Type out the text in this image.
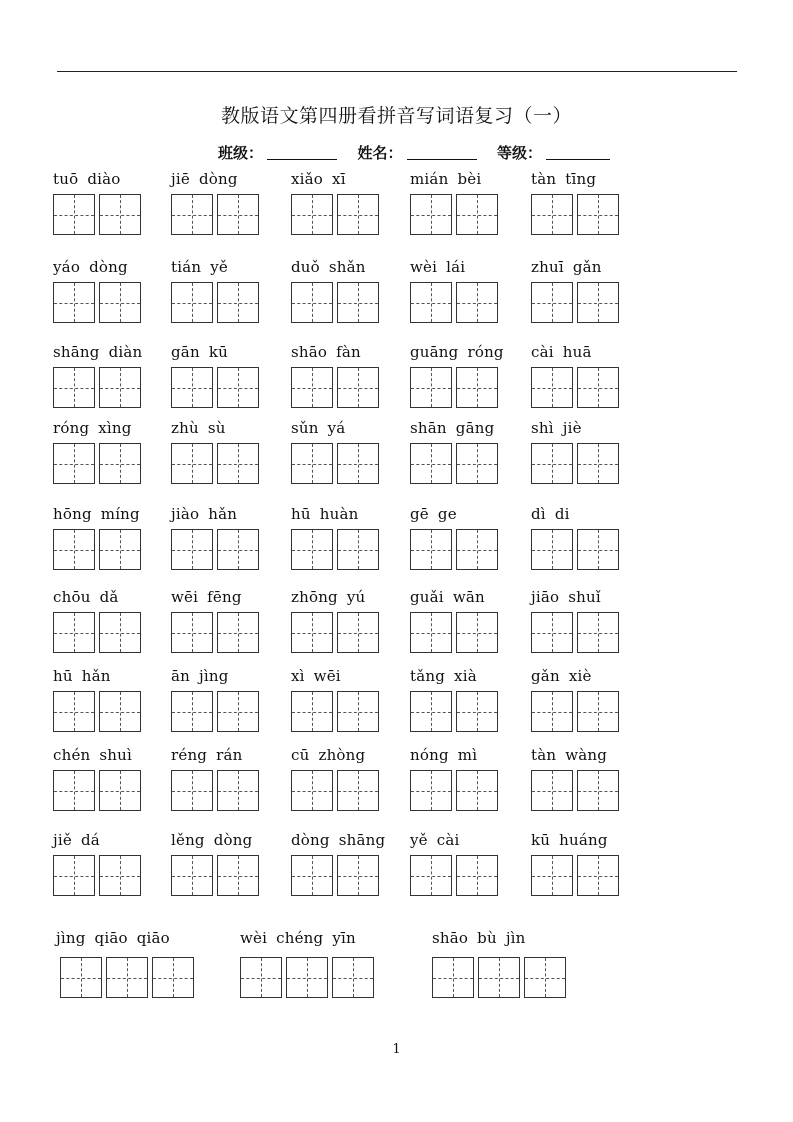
教版语文第四册看拼音写词语复习（一）
班级：	姓名：	等级：
tuō diào	jiē dòng	xiǎo xī	mián bèi	tàn tīng
yáo dòng	tián yě	duǒ shǎn	wèi lái	zhuī gǎn
shāng diàn	gān kū	shāo fàn	guāng róng	cài huā
róng xìng	zhù sù	sǔn yá	shān gāng	shì jiè
hōng míng	jiào hǎn	hū huàn	gē ge	dì di
chōu dǎ	wēi fēng	zhōng yú	guǎi wān	jiāo shuǐ
hū hǎn	ān jìng	xì wēi	tǎng xià	gǎn xiè
chén shuì	réng rán	cū zhòng	nóng mì	tàn wàng
jiě dá	lěng dòng	dòng shāng	yě cài	kū huáng
jìng qiāo qiāo	wèi chéng yīn	shāo bù jìn
1
